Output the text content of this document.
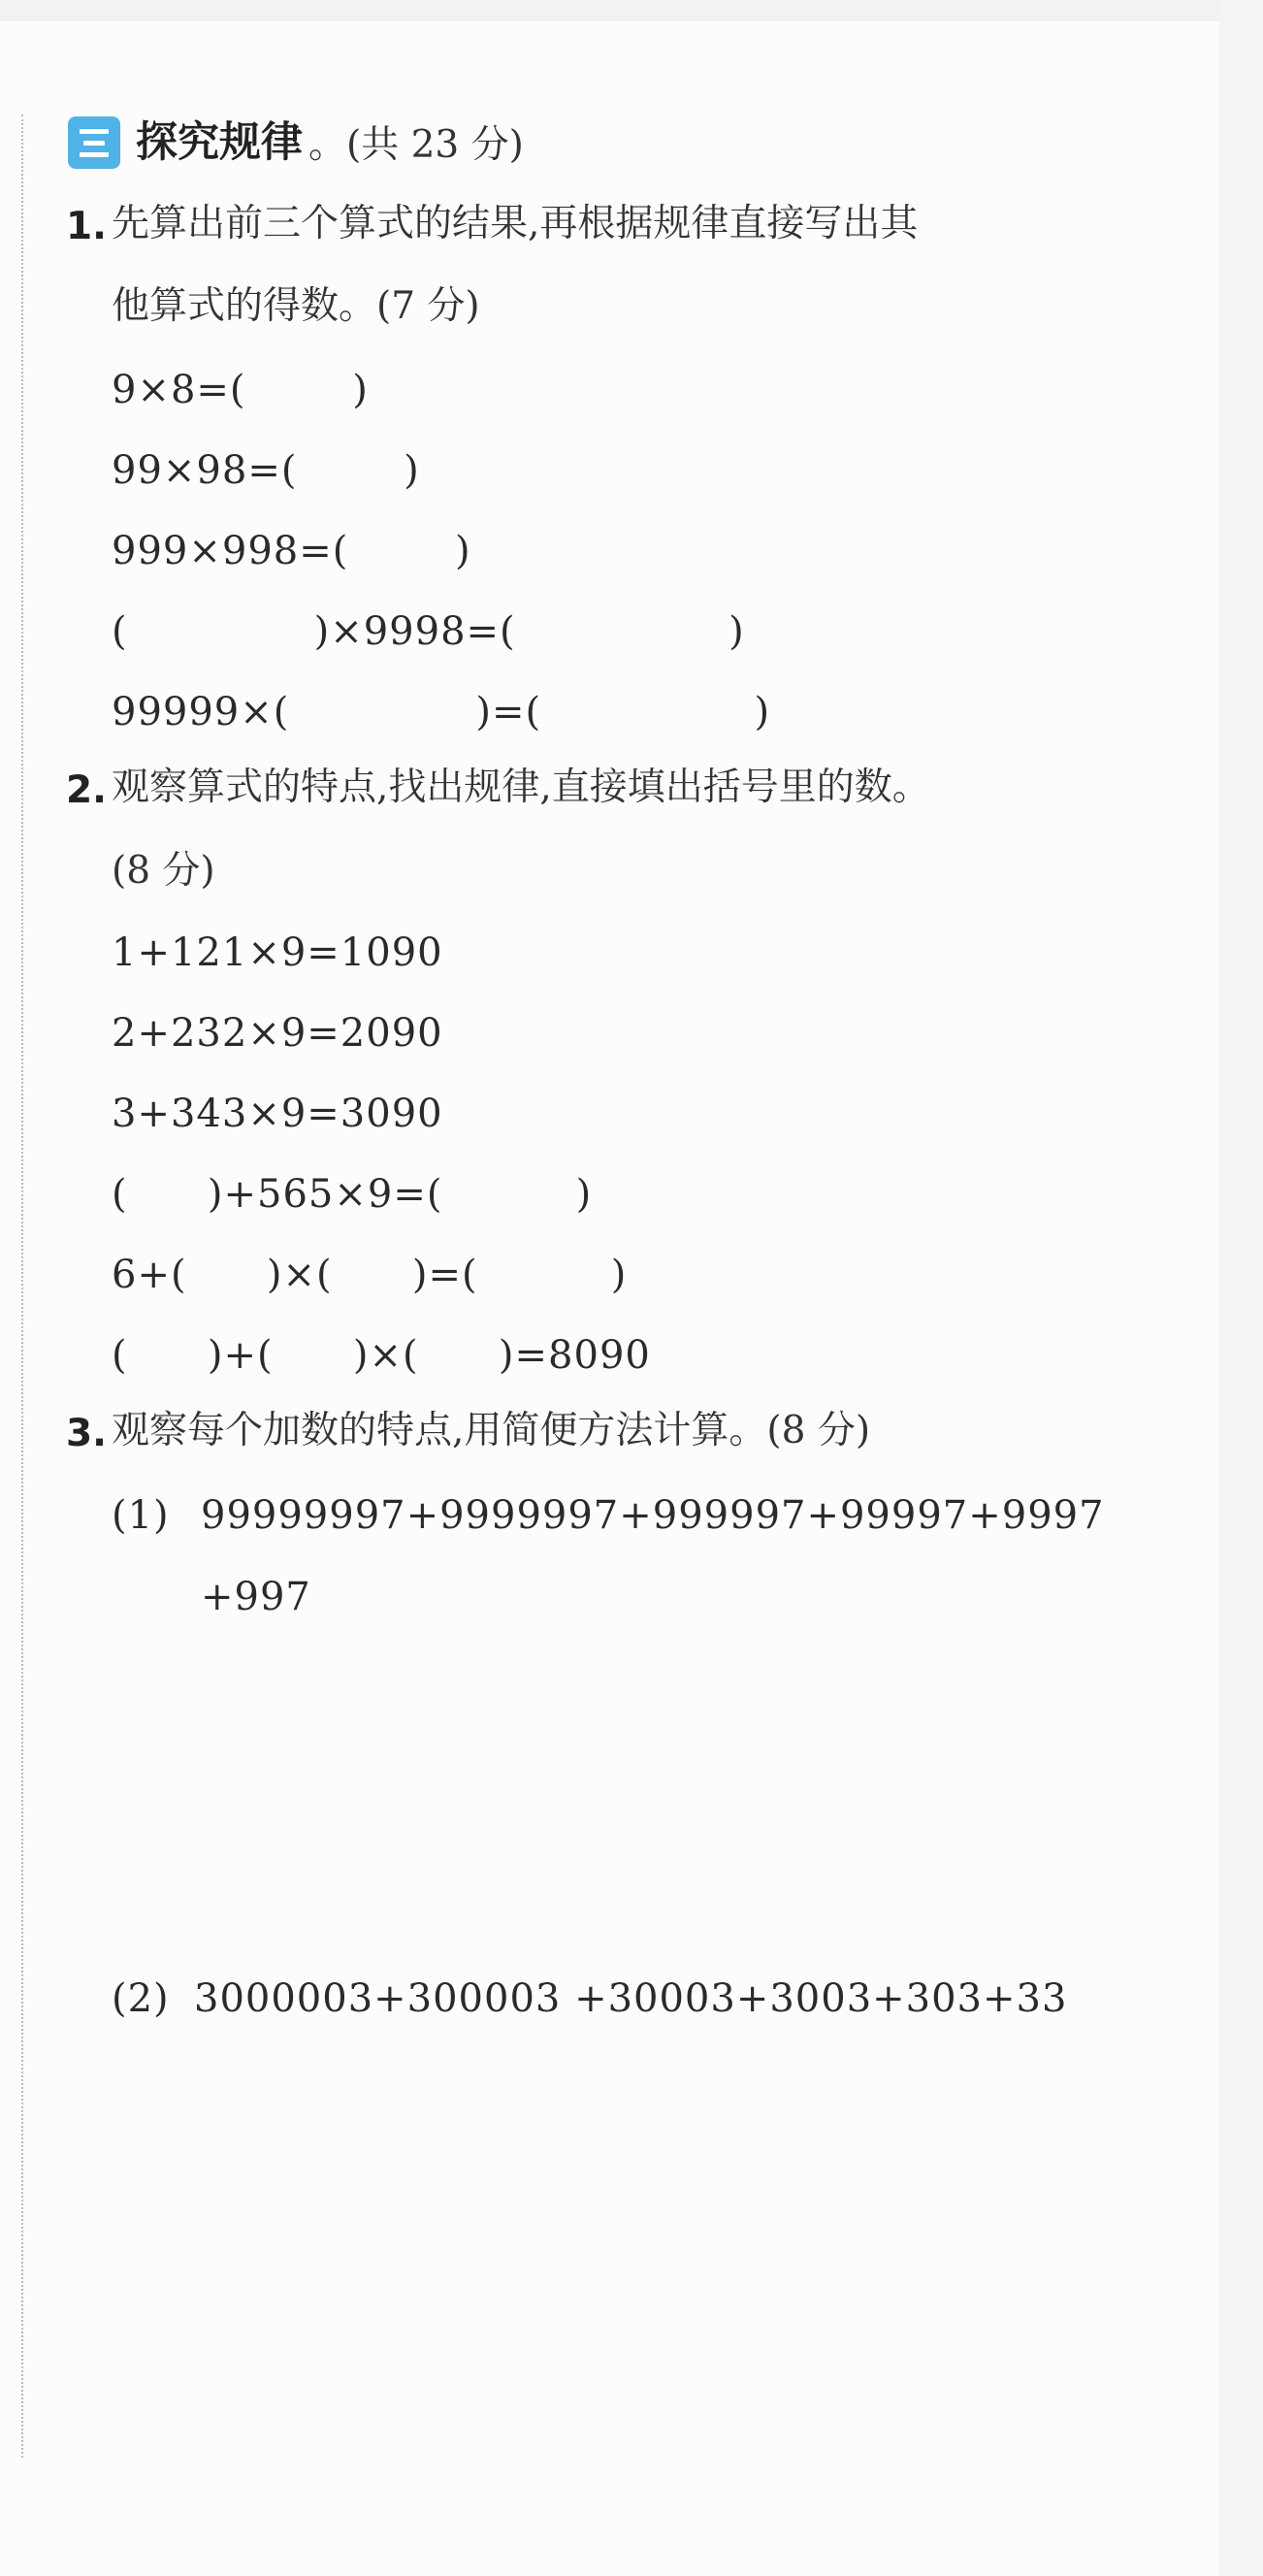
探究规律 。(共 23 分)
1. 先算出前三个算式的结果,再根据规律直接写出其
他算式的得数。(7 分)
9×8=(        )
99×98=(        )
999×998=(        )
(              )×9998=(                )
99999×(              )=(                )
2. 观察算式的特点,找出规律,直接填出括号里的数。
(8 分)
1+121×9=1090
2+232×9=2090
3+343×9=3090
(      )+565×9=(          )
6+(      )×(      )=(          )
(      )+(      )×(      )=8090
3. 观察每个加数的特点,用简便方法计算。(8 分)
(1) 99999997+9999997+999997+99997+9997
+997
(2) 3000003+300003 +30003+3003+303+33
